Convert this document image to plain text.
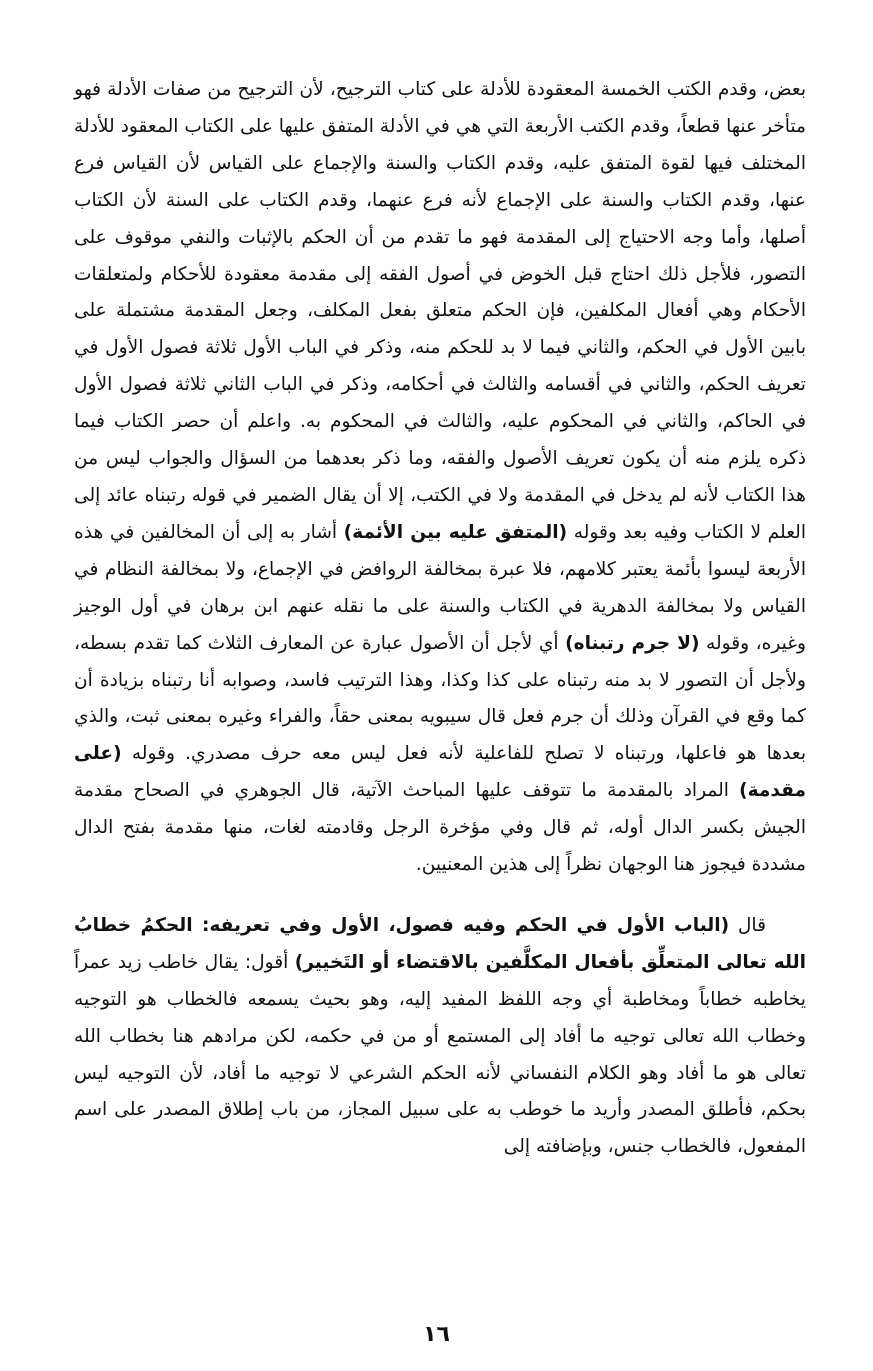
بعض، وقدم الكتب الخمسة المعقودة للأدلة على كتاب الترجيح، لأن الترجيح من صفات الأدلة فهو متأخر عنها قطعاً، وقدم الكتب الأربعة التي هي في الأدلة المتفق عليها على الكتاب المعقود للأدلة المختلف فيها لقوة المتفق عليه، وقدم الكتاب والسنة والإجماع على القياس لأن القياس فرع عنها، وقدم الكتاب والسنة على الإجماع لأنه فرع عنهما، وقدم الكتاب على السنة لأن الكتاب أصلها، وأما وجه الاحتياج إلى المقدمة فهو ما تقدم من أن الحكم بالإثبات والنفي موقوف على التصور، فلأجل ذلك احتاج قبل الخوض في أصول الفقه إلى مقدمة معقودة للأحكام ولمتعلقات الأحكام وهي أفعال المكلفين، فإن الحكم متعلق بفعل المكلف، وجعل المقدمة مشتملة على بابين الأول في الحكم، والثاني فيما لا بد للحكم منه، وذكر في الباب الأول ثلاثة فصول الأول في تعريف الحكم، والثاني في أقسامه والثالث في أحكامه، وذكر في الباب الثاني ثلاثة فصول الأول في الحاكم، والثاني في المحكوم عليه، والثالث في المحكوم به. واعلم أن حصر الكتاب فيما ذكره يلزم منه أن يكون تعريف الأصول والفقه، وما ذكر بعدهما من السؤال والجواب ليس من هذا الكتاب لأنه لم يدخل في المقدمة ولا في الكتب، إلا أن يقال الضمير في قوله رتبناه عائد إلى العلم لا الكتاب وفيه بعد وقوله (المتفق عليه بين الأئمة) أشار به إلى أن المخالفين في هذه الأربعة ليسوا بأئمة يعتبر كلامهم، فلا عبرة بمخالفة الروافض في الإجماع، ولا بمخالفة النظام في القياس ولا بمخالفة الدهرية في الكتاب والسنة على ما نقله عنهم ابن برهان في أول الوجيز وغيره، وقوله (لا جرم رتبناه) أي لأجل أن الأصول عبارة عن المعارف الثلاث كما تقدم بسطه، ولأجل أن التصور لا بد منه رتبناه على كذا وكذا، وهذا الترتيب فاسد، وصوابه أنا رتبناه بزيادة أن كما وقع في القرآن وذلك أن جرم فعل قال سيبويه بمعنى حقاً، والفراء وغيره بمعنى ثبت، والذي بعدها هو فاعلها، ورتبناه لا تصلح للفاعلية لأنه فعل ليس معه حرف مصدري. وقوله (على مقدمة) المراد بالمقدمة ما تتوقف عليها المباحث الآتية، قال الجوهري في الصحاح مقدمة الجيش بكسر الدال أوله، ثم قال وفي مؤخرة الرجل وقادمته لغات، منها مقدمة بفتح الدال مشددة فيجوز هنا الوجهان نظراً إلى هذين المعنيين.

قال (الباب الأول في الحكم وفيه فصول، الأول وفي تعريفه: الحكمُ خطابُ الله تعالى المتعلِّق بأفعال المكلَّفين بالاقتضاء أو التَخيير) أقول: يقال خاطب زيد عمراً يخاطبه خطاباً ومخاطبة أي وجه اللفظ المفيد إليه، وهو بحيث يسمعه فالخطاب هو التوجيه وخطاب الله تعالى توجيه ما أفاد إلى المستمع أو من في حكمه، لكن مرادهم هنا بخطاب الله تعالى هو ما أفاد وهو الكلام النفساني لأنه الحكم الشرعي لا توجيه ما أفاد، لأن التوجيه ليس بحكم، فأطلق المصدر وأريد ما خوطب به على سبيل المجاز، من باب إطلاق المصدر على اسم المفعول، فالخطاب جنس، وبإضافته إلى

١٦
